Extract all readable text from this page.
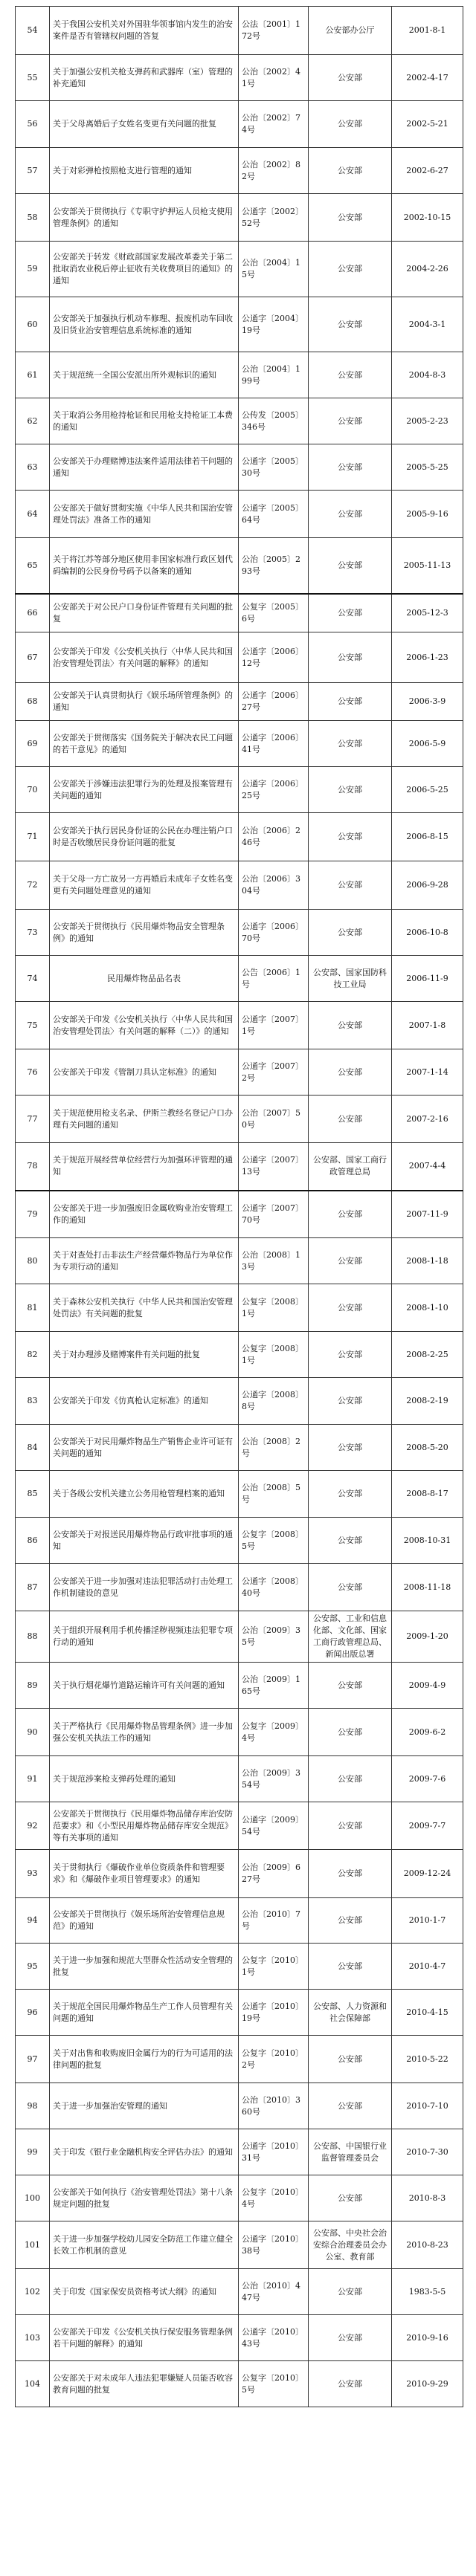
54	关于我国公安机关对外国驻华领事馆内发生的治安案件是否有管辖权问题的答复	公法〔2001〕172号	公安部办公厅	2001-8-1
55	关于加强公安机关枪支弹药和武器库（室）管理的补充通知	公治〔2002〕41号	公安部	2002-4-17
56	关于父母离婚后子女姓名变更有关问题的批复	公治〔2002〕74号	公安部	2002-5-21
57	关于对彩弹枪按照枪支进行管理的通知	公治〔2002〕82号	公安部	2002-6-27
58	公安部关于贯彻执行《专职守护押运人员枪支使用管理条例》的通知	公通字〔2002〕52号	公安部	2002-10-15
59	公安部关于转发《财政部国家发展改革委关于第二批取消农业税后停止征收有关收费项目的通知》的通知	公治〔2004〕15号	公安部	2004-2-26
60	公安部关于加强执行机动车修理、报废机动车回收及旧货业治安管理信息系统标准的通知	公通字〔2004〕19号	公安部	2004-3-1
61	关于规范统一全国公安派出所外观标识的通知	公治〔2004〕199号	公安部	2004-8-3
62	关于取消公务用枪持枪证和民用枪支持枪证工本费的通知	公传发〔2005〕346号	公安部	2005-2-23
63	公安部关于办理赌博违法案件适用法律若干问题的通知	公通字〔2005〕30号	公安部	2005-5-25
64	公安部关于做好贯彻实施《中华人民共和国治安管理处罚法》准备工作的通知	公通字〔2005〕64号	公安部	2005-9-16
65	关于将江苏等部分地区使用非国家标准行政区划代码编制的公民身份号码予以备案的通知	公治〔2005〕293号	公安部	2005-11-13
66	公安部关于对公民户口身份证件管理有关问题的批复	公复字〔2005〕6号	公安部	2005-12-3
67	公安部关于印发《公安机关执行〈中华人民共和国治安管理处罚法〉有关问题的解释》的通知	公通字〔2006〕12号	公安部	2006-1-23
68	公安部关于认真贯彻执行《娱乐场所管理条例》的通知	公通字〔2006〕27号	公安部	2006-3-9
69	公安部关于贯彻落实《国务院关于解决农民工问题的若干意见》的通知	公通字〔2006〕41号	公安部	2006-5-9
70	公安部关于涉嫌违法犯罪行为的处理及报案管理有关问题的通知	公通字〔2006〕25号	公安部	2006-5-25
71	公安部关于执行居民身份证的公民在办理注销户口时是否收缴居民身份证问题的批复	公治〔2006〕246号	公安部	2006-8-15
72	关于父母一方亡故另一方再婚后未成年子女姓名变更有关问题处理意见的通知	公治〔2006〕304号	公安部	2006-9-28
73	公安部关于贯彻执行《民用爆炸物品安全管理条例》的通知	公通字〔2006〕70号	公安部	2006-10-8
74	民用爆炸物品品名表	公告〔2006〕1号	公安部、国家国防科技工业局	2006-11-9
75	公安部关于印发《公安机关执行〈中华人民共和国治安管理处罚法〉有关问题的解释（二）》的通知	公通字〔2007〕1号	公安部	2007-1-8
76	公安部关于印发《管制刀具认定标准》的通知	公通字〔2007〕2号	公安部	2007-1-14
77	关于规范使用枪支名录、伊斯兰教经名登记户口办理有关问题的通知	公治〔2007〕50号	公安部	2007-2-16
78	关于规范开展经营单位经营行为加强环评管理的通知	公通字〔2007〕13号	公安部、国家工商行政管理总局	2007-4-4
79	公安部关于进一步加强废旧金属收购业治安管理工作的通知	公通字〔2007〕70号	公安部	2007-11-9
80	关于对查处打击非法生产经营爆炸物品行为单位作为专项行动的通知	公治〔2008〕13号	公安部	2008-1-18
81	关于森林公安机关执行《中华人民共和国治安管理处罚法》有关问题的批复	公复字〔2008〕1号	公安部	2008-1-10
82	关于对办理涉及赌博案件有关问题的批复	公复字〔2008〕1号	公安部	2008-2-25
83	公安部关于印发《仿真枪认定标准》的通知	公通字〔2008〕8号	公安部	2008-2-19
84	公安部关于对民用爆炸物品生产销售企业许可证有关问题的通知	公治〔2008〕2号	公安部	2008-5-20
85	关于各级公安机关建立公务用枪管理档案的通知	公治〔2008〕5号	公安部	2008-8-17
86	公安部关于对报送民用爆炸物品行政审批事项的通知	公复字〔2008〕5号	公安部	2008-10-31
87	公安部关于进一步加强对违法犯罪活动打击处理工作机制建设的意见	公通字〔2008〕40号	公安部	2008-11-18
88	关于组织开展利用手机传播淫秽视频违法犯罪专项行动的通知	公治〔2009〕35号	公安部、工业和信息化部、文化部、国家工商行政管理总局、新闻出版总署	2009-1-20
89	关于执行烟花爆竹道路运输许可有关问题的通知	公治〔2009〕165号	公安部	2009-4-9
90	关于严格执行《民用爆炸物品管理条例》进一步加强公安机关执法工作的通知	公复字〔2009〕4号	公安部	2009-6-2
91	关于规范涉案枪支弹药处理的通知	公治〔2009〕354号	公安部	2009-7-6
92	公安部关于贯彻执行《民用爆炸物品储存库治安防范要求》和《小型民用爆炸物品储存库安全规范》等有关事项的通知	公通字〔2009〕54号	公安部	2009-7-7
93	关于贯彻执行《爆破作业单位资质条件和管理要求》和《爆破作业项目管理要求》的通知	公治〔2009〕627号	公安部	2009-12-24
94	公安部关于贯彻执行《娱乐场所治安管理信息规范》的通知	公治〔2010〕7号	公安部	2010-1-7
95	关于进一步加强和规范大型群众性活动安全管理的批复	公复字〔2010〕1号	公安部	2010-4-7
96	关于规范全国民用爆炸物品生产工作人员管理有关问题的通知	公通字〔2010〕19号	公安部、人力资源和社会保障部	2010-4-15
97	关于对出售和收购废旧金属行为的行为可适用的法律问题的批复	公复字〔2010〕2号	公安部	2010-5-22
98	关于进一步加强治安管理的通知	公治〔2010〕360号	公安部	2010-7-10
99	关于印发《银行业金融机构安全评估办法》的通知	公通字〔2010〕31号	公安部、中国银行业监督管理委员会	2010-7-30
100	公安部关于如何执行《治安管理处罚法》第十八条规定问题的批复	公复字〔2010〕4号	公安部	2010-8-3
101	关于进一步加强学校幼儿园安全防范工作建立健全长效工作机制的意见	公通字〔2010〕38号	公安部、中央社会治安综合治理委员会办公室、教育部	2010-8-23
102	关于印发《国家保安员资格考试大纲》的通知	公治〔2010〕447号	公安部	1983-5-5
103	公安部关于印发《公安机关执行保安服务管理条例若干问题的解释》的通知	公通字〔2010〕43号	公安部	2010-9-16
104	公安部关于对未成年人违法犯罪嫌疑人员能否收容教育问题的批复	公复字〔2010〕5号	公安部	2010-9-29
